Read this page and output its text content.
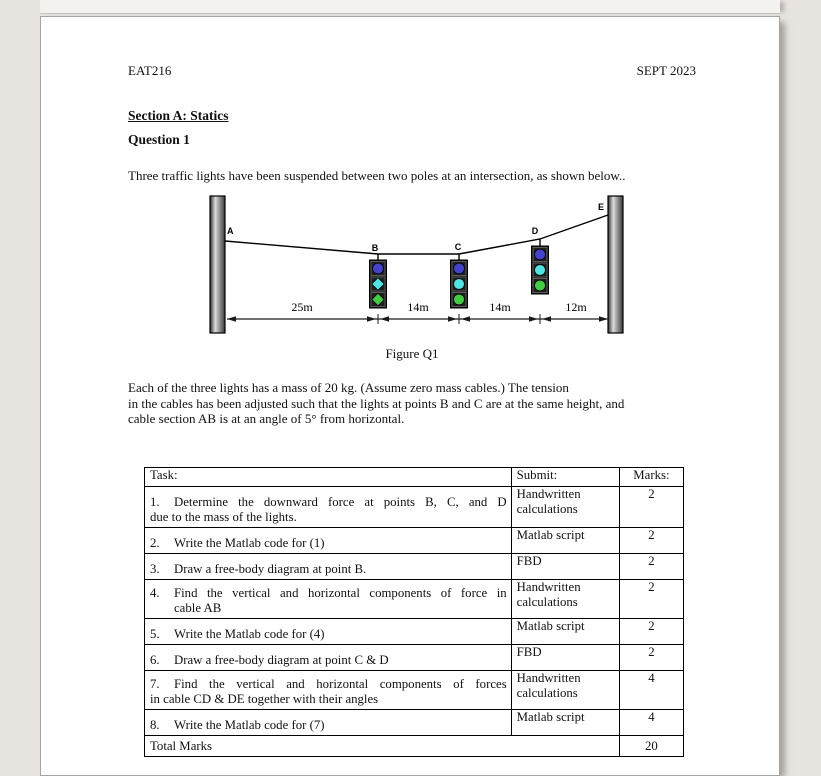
EAT216	SEPT 2023
Section A: Statics
Question 1
Three traffic lights have been suspended between two poles at an intersection, as shown below..
A
B	C
D
E
25m	14m	14m	12m
Figure Q1
Each of the three lights has a mass of 20 kg. (Assume zero mass cables.) The tension
in the cables has been adjusted such that the lights at points B and C are at the same height, and
cable section AB is at an angle of 5° from horizontal.
Task:	Submit:	Marks:

1. Determine the downward force at points B, C, and D
due to the mass of the lights.	Handwritten calculations	2

2. Write the Matlab code for (1)	Matlab script	2

3. Draw a free-body diagram at point B.	FBD	2

4. Find the vertical and horizontal components of force in
cable AB	Handwritten calculations	2

5. Write the Matlab code for (4)	Matlab script	2

6. Draw a free-body diagram at point C & D	FBD	2

7. Find the vertical and horizontal components of forces
in cable CD & DE together with their angles	Handwritten calculations	4

8. Write the Matlab code for (7)	Matlab script	4
Total Marks		20
